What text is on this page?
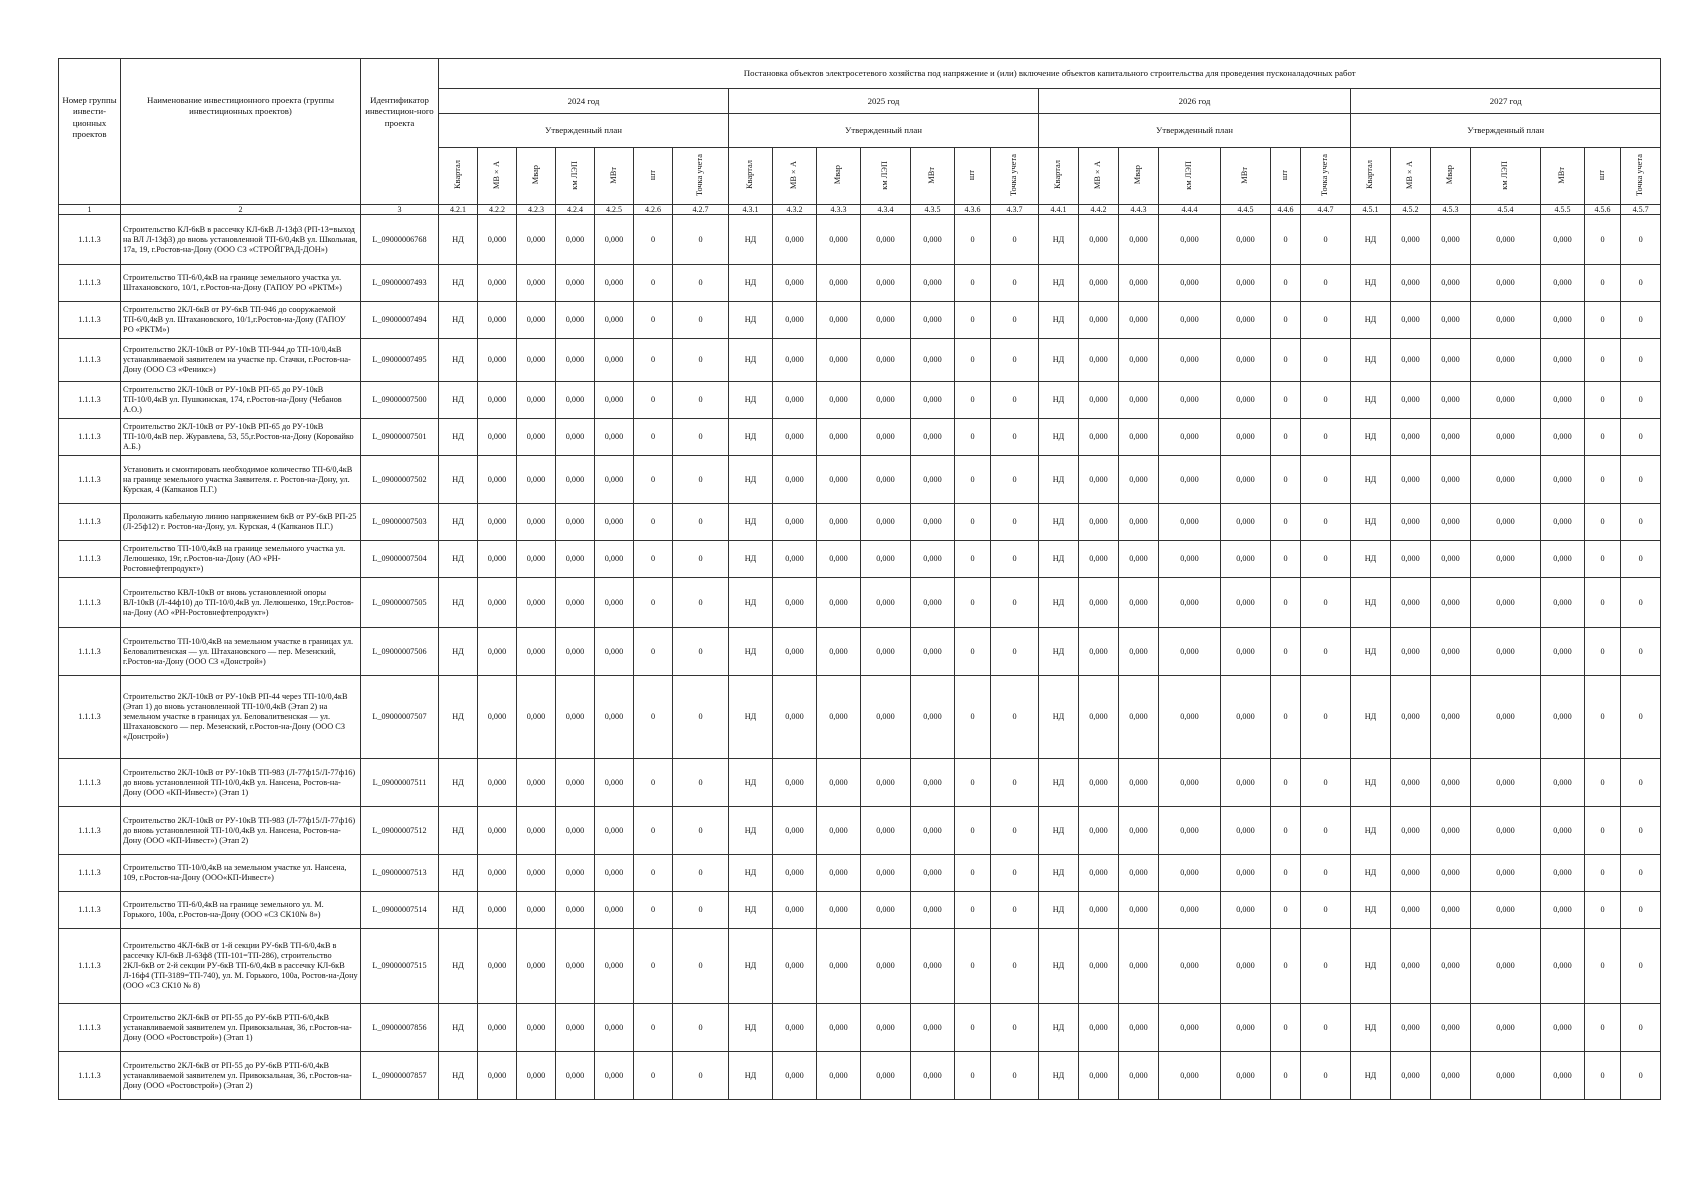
Номер группы инвести-ционных проектов	Наименование инвестиционного проекта (группы инвестиционных проектов)	Идентификатор инвестицион-ного проекта	Постановка объектов электросетевого хозяйства под напряжение и (или) включение объектов капитального строительства для проведения пусконаладочных работ																											
			2024 год							2025 год							2026 год							2027 год						
			Утвержденный план							Утвержденный план							Утвержденный план							Утвержденный план						
			Квартал	МВ×А	Мвар	км ЛЭП	МВт	шт	Точка учета	Квартал	МВ×А	Мвар	км ЛЭП	МВт	шт	Точка учета	Квартал	МВ×А	Мвар	км ЛЭП	МВт	шт	Точка учета	Квартал	МВ×А	Мвар	км ЛЭП	МВт	шт	Точка учета
1	2	3	4.2.1	4.2.2	4.2.3	4.2.4	4.2.5	4.2.6	4.2.7	4.3.1	4.3.2	4.3.3	4.3.4	4.3.5	4.3.6	4.3.7	4.4.1	4.4.2	4.4.3	4.4.4	4.4.5	4.4.6	4.4.7	4.5.1	4.5.2	4.5.3	4.5.4	4.5.5	4.5.6	4.5.7
1.1.1.3	Строительство КЛ-6кВ в рассечку КЛ-6кВ Л-13ф3 (РП-13=выход на ВЛ Л-13ф3) до вновь установленной ТП-6/0,4кВ ул. Школьная, 17а, 19, г.Ростов-на-Дону (ООО СЗ «СТРОЙГРАД-ДОН»)	L_09000006768	НД	0,000	0,000	0,000	0,000	0	0	НД	0,000	0,000	0,000	0,000	0	0	НД	0,000	0,000	0,000	0,000	0	0	НД	0,000	0,000	0,000	0,000	0	0
1.1.1.3	Строительство ТП-6/0,4кВ на границе земельного участка ул. Штахановского, 10/1, г.Ростов-на-Дону (ГАПОУ РО «РКТМ»)	L_09000007493	НД	0,000	0,000	0,000	0,000	0	0	НД	0,000	0,000	0,000	0,000	0	0	НД	0,000	0,000	0,000	0,000	0	0	НД	0,000	0,000	0,000	0,000	0	0
1.1.1.3	Строительство 2КЛ-6кВ от РУ-6кВ ТП-946 до сооружаемой ТП-6/0,4кВ ул. Штахановского, 10/1,г.Ростов-на-Дону (ГАПОУ РО «РКТМ»)	L_09000007494	НД	0,000	0,000	0,000	0,000	0	0	НД	0,000	0,000	0,000	0,000	0	0	НД	0,000	0,000	0,000	0,000	0	0	НД	0,000	0,000	0,000	0,000	0	0
1.1.1.3	Строительство 2КЛ-10кВ от РУ-10кВ ТП-944 до ТП-10/0,4кВ устанавливаемой заявителем на участке пр. Стачки, г.Ростов-на-Дону (ООО СЗ «Феникс»)	L_09000007495	НД	0,000	0,000	0,000	0,000	0	0	НД	0,000	0,000	0,000	0,000	0	0	НД	0,000	0,000	0,000	0,000	0	0	НД	0,000	0,000	0,000	0,000	0	0
1.1.1.3	Строительство 2КЛ-10кВ от РУ-10кВ РП-65 до РУ-10кВ ТП-10/0,4кВ ул. Пушкинская, 174, г.Ростов-на-Дону (Чебанов А.О.)	L_09000007500	НД	0,000	0,000	0,000	0,000	0	0	НД	0,000	0,000	0,000	0,000	0	0	НД	0,000	0,000	0,000	0,000	0	0	НД	0,000	0,000	0,000	0,000	0	0
1.1.1.3	Строительство 2КЛ-10кВ от РУ-10кВ РП-65 до РУ-10кВ ТП-10/0,4кВ пер. Журавлева, 53, 55,г.Ростов-на-Дону (Коровайко А.Б.)	L_09000007501	НД	0,000	0,000	0,000	0,000	0	0	НД	0,000	0,000	0,000	0,000	0	0	НД	0,000	0,000	0,000	0,000	0	0	НД	0,000	0,000	0,000	0,000	0	0
1.1.1.3	Установить и смонтировать необходимое количество ТП-6/0,4кВ на границе земельного участка Заявителя. г. Ростов-на-Дону, ул. Курская, 4 (Капканов П.Г.)	L_09000007502	НД	0,000	0,000	0,000	0,000	0	0	НД	0,000	0,000	0,000	0,000	0	0	НД	0,000	0,000	0,000	0,000	0	0	НД	0,000	0,000	0,000	0,000	0	0
1.1.1.3	Проложить кабельную линию напряжением 6кВ от РУ-6кВ РП-25 (Л-25ф12) г. Ростов-на-Дону, ул. Курская, 4 (Капканов П.Г.)	L_09000007503	НД	0,000	0,000	0,000	0,000	0	0	НД	0,000	0,000	0,000	0,000	0	0	НД	0,000	0,000	0,000	0,000	0	0	НД	0,000	0,000	0,000	0,000	0	0
1.1.1.3	Строительство ТП-10/0,4кВ на границе земельного участка ул. Лелюшенко, 19г, г.Ростов-на-Дону (АО «РН-Ростовнефтепродукт»)	L_09000007504	НД	0,000	0,000	0,000	0,000	0	0	НД	0,000	0,000	0,000	0,000	0	0	НД	0,000	0,000	0,000	0,000	0	0	НД	0,000	0,000	0,000	0,000	0	0
1.1.1.3	Строительство КВЛ-10кВ от вновь установленной опоры ВЛ-10кВ (Л-44ф10) до ТП-10/0,4кВ ул. Лелюшенко, 19г,г.Ростов-на-Дону (АО «РН-Ростовнефтепродукт»)	L_09000007505	НД	0,000	0,000	0,000	0,000	0	0	НД	0,000	0,000	0,000	0,000	0	0	НД	0,000	0,000	0,000	0,000	0	0	НД	0,000	0,000	0,000	0,000	0	0
1.1.1.3	Строительство ТП-10/0,4кВ на земельном участке в границах ул. Беловалитвенская — ул. Штахановского — пер. Мезенский, г.Ростов-на-Дону (ООО СЗ «Донстрой»)	L_09000007506	НД	0,000	0,000	0,000	0,000	0	0	НД	0,000	0,000	0,000	0,000	0	0	НД	0,000	0,000	0,000	0,000	0	0	НД	0,000	0,000	0,000	0,000	0	0
1.1.1.3	Строительство 2КЛ-10кВ от РУ-10кВ РП-44 через ТП-10/0,4кВ (Этап 1) до вновь установленной ТП-10/0,4кВ (Этап 2) на земельном участке в границах ул. Беловалитвенская — ул. Штахановского — пер. Мезенский, г.Ростов-на-Дону (ООО СЗ «Донстрой»)	L_09000007507	НД	0,000	0,000	0,000	0,000	0	0	НД	0,000	0,000	0,000	0,000	0	0	НД	0,000	0,000	0,000	0,000	0	0	НД	0,000	0,000	0,000	0,000	0	0
1.1.1.3	Строительство 2КЛ-10кВ от РУ-10кВ ТП-983 (Л-77ф15/Л-77ф16) до вновь установленной ТП-10/0,4кВ ул. Нансена, Ростов-на-Дону (ООО «КП-Инвест») (Этап 1)	L_09000007511	НД	0,000	0,000	0,000	0,000	0	0	НД	0,000	0,000	0,000	0,000	0	0	НД	0,000	0,000	0,000	0,000	0	0	НД	0,000	0,000	0,000	0,000	0	0
1.1.1.3	Строительство 2КЛ-10кВ от РУ-10кВ ТП-983 (Л-77ф15/Л-77ф16) до вновь установленной ТП-10/0,4кВ ул. Нансена, Ростов-на-Дону (ООО «КП-Инвест») (Этап 2)	L_09000007512	НД	0,000	0,000	0,000	0,000	0	0	НД	0,000	0,000	0,000	0,000	0	0	НД	0,000	0,000	0,000	0,000	0	0	НД	0,000	0,000	0,000	0,000	0	0
1.1.1.3	Строительство ТП-10/0,4кВ на земельном участке ул. Нансена, 109, г.Ростов-на-Дону (ООО«КП-Инвест»)	L_09000007513	НД	0,000	0,000	0,000	0,000	0	0	НД	0,000	0,000	0,000	0,000	0	0	НД	0,000	0,000	0,000	0,000	0	0	НД	0,000	0,000	0,000	0,000	0	0
1.1.1.3	Строительство ТП-6/0,4кВ на границе земельного ул. М. Горького, 100а, г.Ростов-на-Дону (ООО «СЗ СК10№ 8»)	L_09000007514	НД	0,000	0,000	0,000	0,000	0	0	НД	0,000	0,000	0,000	0,000	0	0	НД	0,000	0,000	0,000	0,000	0	0	НД	0,000	0,000	0,000	0,000	0	0
1.1.1.3	Строительство 4КЛ-6кВ от 1-й секции РУ-6кВ ТП-6/0,4кВ в рассечку КЛ-6кВ Л-63ф8 (ТП-101=ТП-286), строительство 2КЛ-6кВ от 2-й секции РУ-6кВ ТП-6/0,4кВ в рассечку КЛ-6кВ Л-16ф4 (ТП-3189=ТП-740), ул. М. Горького, 100а, Ростов-на-Дону (ООО «СЗ СК10 № 8)	L_09000007515	НД	0,000	0,000	0,000	0,000	0	0	НД	0,000	0,000	0,000	0,000	0	0	НД	0,000	0,000	0,000	0,000	0	0	НД	0,000	0,000	0,000	0,000	0	0
1.1.1.3	Строительство 2КЛ-6кВ от РП-55 до РУ-6кВ РТП-6/0,4кВ устанавливаемой заявителем ул. Привокзальная, 36, г.Ростов-на-Дону (ООО «Ростовстрой») (Этап 1)	L_09000007856	НД	0,000	0,000	0,000	0,000	0	0	НД	0,000	0,000	0,000	0,000	0	0	НД	0,000	0,000	0,000	0,000	0	0	НД	0,000	0,000	0,000	0,000	0	0
1.1.1.3	Строительство 2КЛ-6кВ от РП-55 до РУ-6кВ РТП-6/0,4кВ устанавливаемой заявителем ул. Привокзальная, 36, г.Ростов-на-Дону (ООО «Ростовстрой») (Этап 2)	L_09000007857	НД	0,000	0,000	0,000	0,000	0	0	НД	0,000	0,000	0,000	0,000	0	0	НД	0,000	0,000	0,000	0,000	0	0	НД	0,000	0,000	0,000	0,000	0	0
